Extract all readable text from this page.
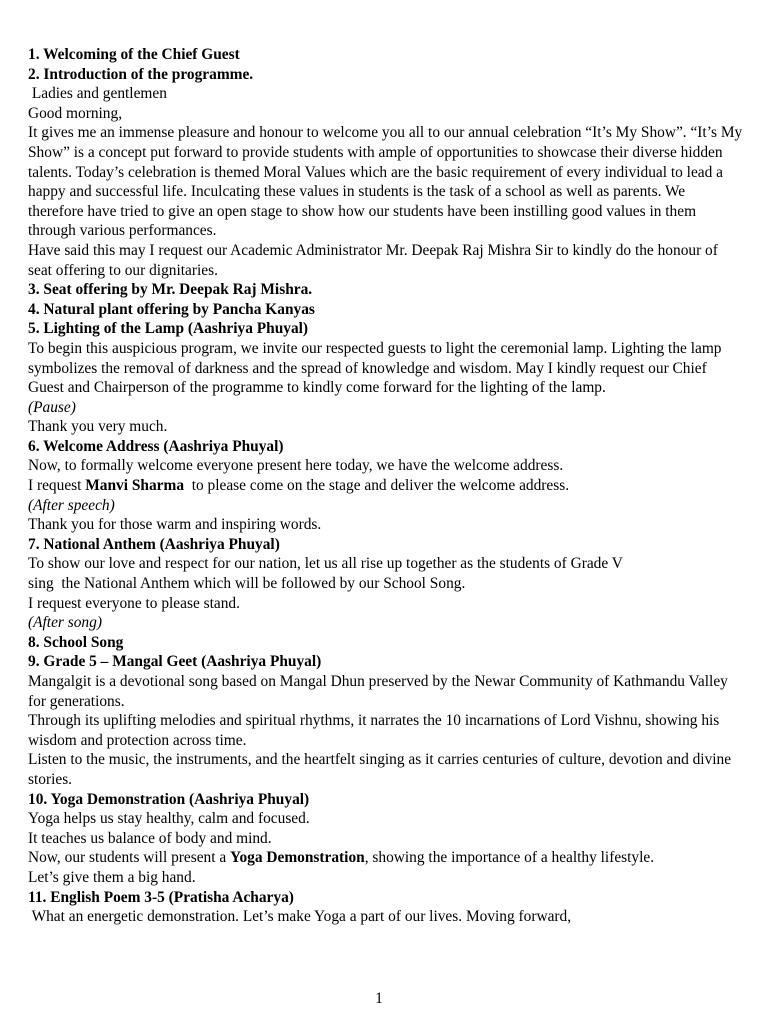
1. Welcoming of the Chief Guest
2. Introduction of the programme.
Ladies and gentlemen
Good morning,
It gives me an immense pleasure and honour to welcome you all to our annual celebration “It’s My Show”. “It’s My Show” is a concept put forward to provide students with ample of opportunities to showcase their diverse hidden talents. Today’s celebration is themed Moral Values which are the basic requirement of every individual to lead a happy and successful life. Inculcating these values in students is the task of a school as well as parents. We therefore have tried to give an open stage to show how our students have been instilling good values in them through various performances.
Have said this may I request our Academic Administrator Mr. Deepak Raj Mishra Sir to kindly do the honour of seat offering to our dignitaries.
3. Seat offering by Mr. Deepak Raj Mishra.
4. Natural plant offering by Pancha Kanyas
5. Lighting of the Lamp (Aashriya Phuyal)
To begin this auspicious program, we invite our respected guests to light the ceremonial lamp. Lighting the lamp symbolizes the removal of darkness and the spread of knowledge and wisdom. May I kindly request our Chief Guest and Chairperson of the programme to kindly come forward for the lighting of the lamp.
(Pause)
Thank you very much.
6. Welcome Address (Aashriya Phuyal)
Now, to formally welcome everyone present here today, we have the welcome address.
I request Manvi Sharma  to please come on the stage and deliver the welcome address.
(After speech)
Thank you for those warm and inspiring words.
7. National Anthem (Aashriya Phuyal)
To show our love and respect for our nation, let us all rise up together as the students of Grade V
sing  the National Anthem which will be followed by our School Song.
I request everyone to please stand.
(After song)
8. School Song
9. Grade 5 – Mangal Geet (Aashriya Phuyal)
Mangalgit is a devotional song based on Mangal Dhun preserved by the Newar Community of Kathmandu Valley for generations.
Through its uplifting melodies and spiritual rhythms, it narrates the 10 incarnations of Lord Vishnu, showing his wisdom and protection across time.
Listen to the music, the instruments, and the heartfelt singing as it carries centuries of culture, devotion and divine stories.
10. Yoga Demonstration (Aashriya Phuyal)
Yoga helps us stay healthy, calm and focused.
It teaches us balance of body and mind.
Now, our students will present a Yoga Demonstration, showing the importance of a healthy lifestyle.
Let’s give them a big hand.
11. English Poem 3-5 (Pratisha Acharya)
What an energetic demonstration. Let’s make Yoga a part of our lives. Moving forward,
1
